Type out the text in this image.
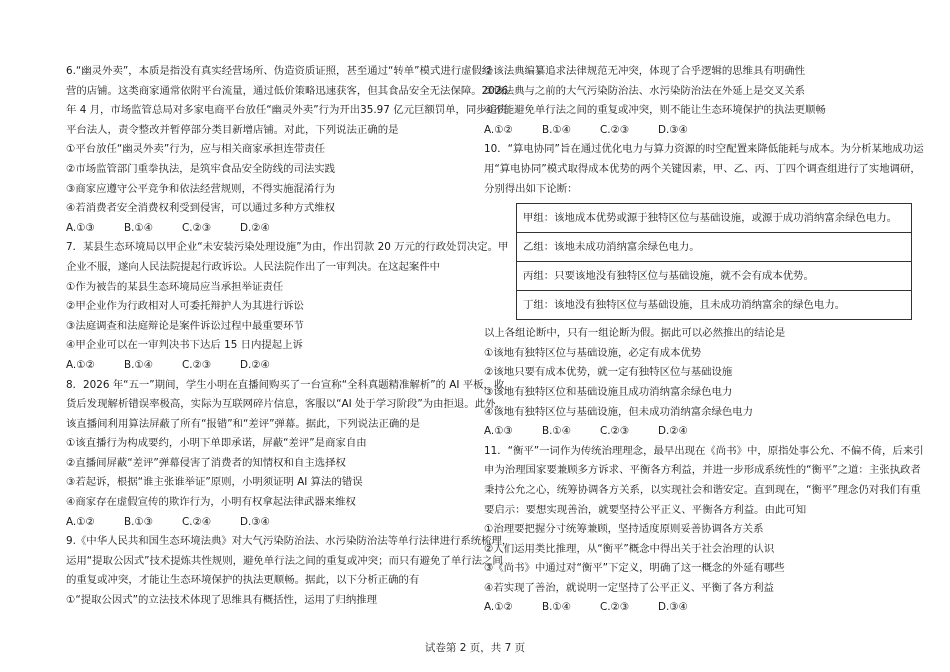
6.“幽灵外卖”，本质是指没有真实经营场所、伪造资质证照，甚至通过“转单”模式进行虚假经

营的店铺。这类商家通常依附平台流量，通过低价策略迅速获客，但其食品安全无法保障。2026

年 4 月，市场监管总局对多家电商平台放任“幽灵外卖”行为开出35.97 亿元巨额罚单，同步追责

平台法人，责令整改并暂停部分类目新增店铺。对此，下列说法正确的是

①平台放任“幽灵外卖”行为，应与相关商家承担连带责任

②市场监管部门重拳执法，是筑牢食品安全防线的司法实践

③商家应遵守公平竞争和依法经营规则，不得实施混淆行为

④若消费者安全消费权利受到侵害，可以通过多种方式维权

A.①③	B.①④	C.②③	D.②④

7．某县生态环境局以甲企业“未安装污染处理设施”为由，作出罚款 20 万元的行政处罚决定。甲

企业不服，遂向人民法院提起行政诉讼。人民法院作出了一审判决。在这起案件中

①作为被告的某县生态环境局应当承担举证责任

②甲企业作为行政相对人可委托辩护人为其进行诉讼

③法庭调查和法庭辩论是案件诉讼过程中最重要环节

④甲企业可以在一审判决书下达后 15 日内提起上诉

A.①②	B.①④	C.②③	D.②④

8．2026 年“五一”期间，学生小明在直播间购买了一台宣称“全科真题精准解析”的 AI 平板，收

货后发现解析错误率极高，实际为互联网碎片信息，客服以“AI 处于学习阶段”为由拒退。此外，

该直播间利用算法屏蔽了所有“报错”和“差评”弹幕。据此，下列说法正确的是

①该直播行为构成要约，小明下单即承诺，屏蔽“差评”是商家自由

②直播间屏蔽“差评”弹幕侵害了消费者的知情权和自主选择权

③若起诉，根据“谁主张谁举证”原则，小明须证明 AI 算法的错误

④商家存在虚假宣传的欺诈行为，小明有权拿起法律武器来维权

A.①②	B.①③	C.②④	D.③④

9.《中华人民共和国生态环境法典》对大气污染防治法、水污染防治法等单行法律进行系统梳理，

运用“提取公因式”技术提炼共性规则，避免单行法之间的重复或冲突；而只有避免了单行法之间

的重复或冲突，才能让生态环境保护的执法更顺畅。据此，以下分析正确的有

①“提取公因式”的立法技术体现了思维具有概括性，运用了归纳推理

②该法典编纂追求法律规范无冲突，体现了合乎逻辑的思维具有明确性

③该法典与之前的大气污染防治法、水污染防治法在外延上是交叉关系

④不能避免单行法之间的重复或冲突，则不能让生态环境保护的执法更顺畅

A.①②	B.①④	C.②③	D.③④

10．“算电协同”旨在通过优化电力与算力资源的时空配置来降低能耗与成本。为分析某地成功运

用“算电协同”模式取得成本优势的两个关键因素，甲、乙、丙、丁四个调查组进行了实地调研，

分别得出如下论断：

甲组：该地成本优势或源于独特区位与基础设施，或源于成功消纳富余绿色电力。
乙组：该地未成功消纳富余绿色电力。
丙组：只要该地没有独特区位与基础设施，就不会有成本优势。
丁组：该地没有独特区位与基础设施，且未成功消纳富余的绿色电力。

以上各组论断中，只有一组论断为假。据此可以必然推出的结论是

①该地有独特区位与基础设施，必定有成本优势

②该地只要有成本优势，就一定有独特区位与基础设施

③该地有独特区位和基础设施且成功消纳富余绿色电力

④该地有独特区位与基础设施，但未成功消纳富余绿色电力

A.①③	B.①④	C.②③	D.②④

11．“衡平”一词作为传统治理理念，最早出现在《尚书》中，原指处事公允、不偏不倚，后来引

申为治理国家要兼顾多方诉求、平衡各方利益，并进一步形成系统性的“衡平”之道：主张执政者

秉持公允之心，统筹协调各方关系，以实现社会和谐安定。直到现在，“衡平”理念仍对我们有重

要启示：要想实现善治，就要坚持公平正义、平衡各方利益。由此可知

①治理要把握分寸统筹兼顾，坚持适度原则妥善协调各方关系

②人们运用类比推理，从“衡平”概念中得出关于社会治理的认识

③《尚书》中通过对“衡平”下定义，明确了这一概念的外延有哪些

④若实现了善治，就说明一定坚持了公平正义、平衡了各方利益

A.①②	B.①④	C.②③	D.③④
试卷第 2 页，共 7 页
